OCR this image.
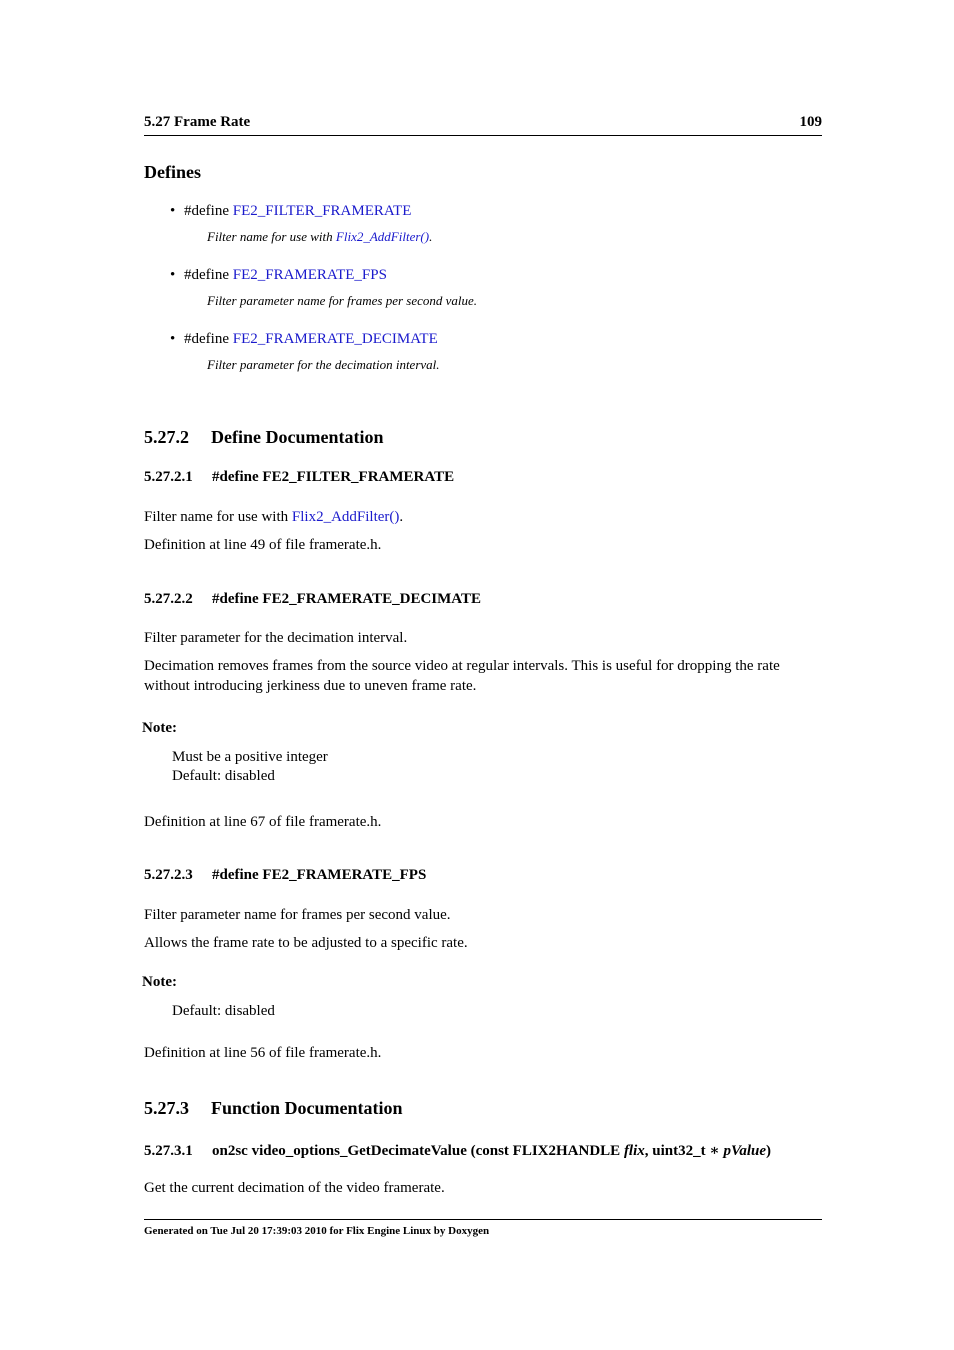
5.27 Frame Rate	109
Defines
• #define FE2_FILTER_FRAMERATE
Filter name for use with Flix2_AddFilter().
• #define FE2_FRAMERATE_FPS
Filter parameter name for frames per second value.
• #define FE2_FRAMERATE_DECIMATE
Filter parameter for the decimation interval.
5.27.2 Define Documentation
5.27.2.1 #define FE2_FILTER_FRAMERATE
Filter name for use with Flix2_AddFilter().
Definition at line 49 of file framerate.h.
5.27.2.2 #define FE2_FRAMERATE_DECIMATE
Filter parameter for the decimation interval.
Decimation removes frames from the source video at regular intervals. This is useful for dropping the rate
without introducing jerkiness due to uneven frame rate.
Note:
Must be a positive integer
Default: disabled
Definition at line 67 of file framerate.h.
5.27.2.3 #define FE2_FRAMERATE_FPS
Filter parameter name for frames per second value.
Allows the frame rate to be adjusted to a specific rate.
Note:
Default: disabled
Definition at line 56 of file framerate.h.
5.27.3 Function Documentation
5.27.3.1 on2sc video_options_GetDecimateValue (const FLIX2HANDLE flix, uint32_t ∗ pValue)
Get the current decimation of the video framerate.
Generated on Tue Jul 20 17:39:03 2010 for Flix Engine Linux by Doxygen
